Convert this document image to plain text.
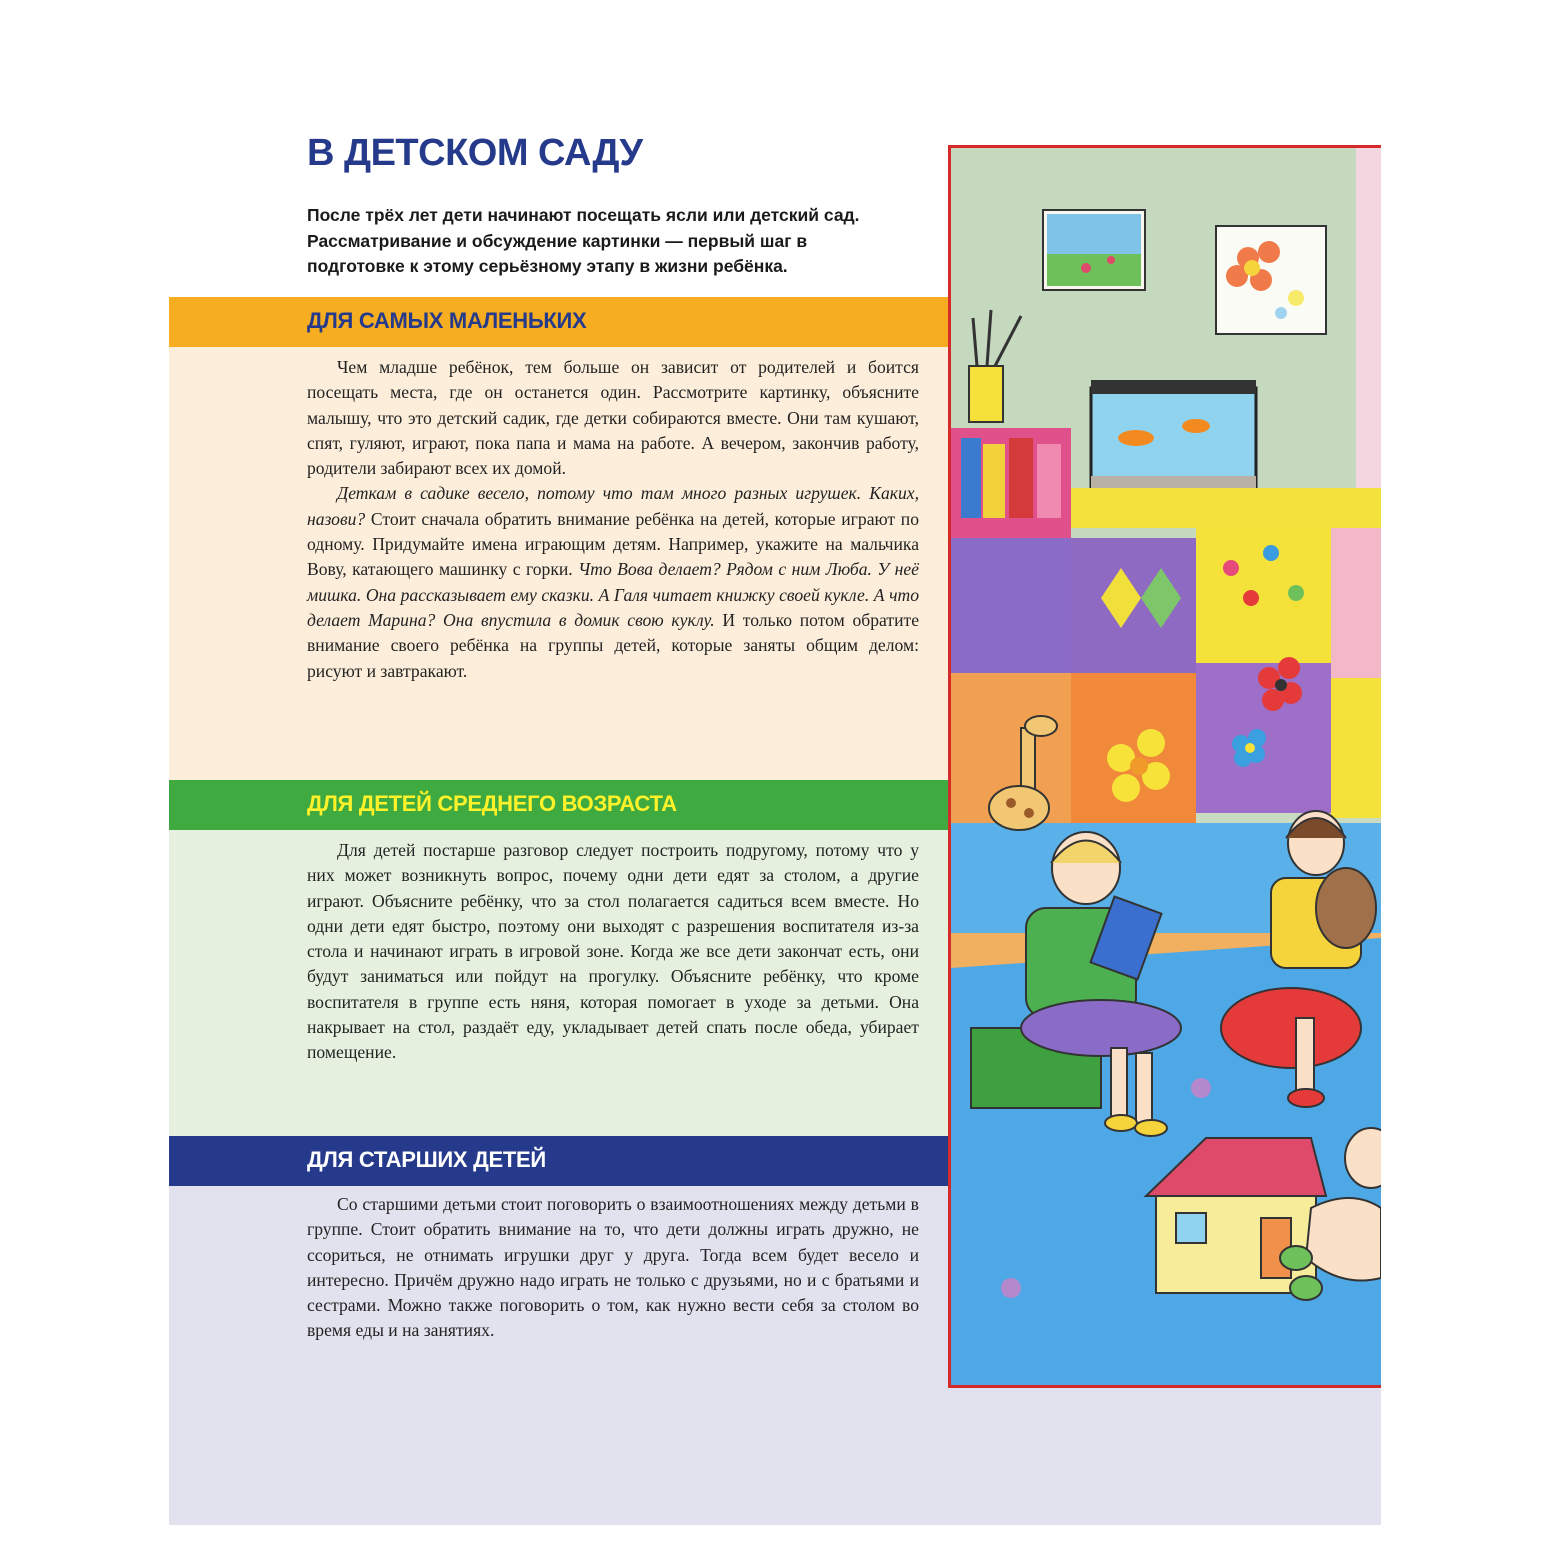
В ДЕТСКОМ САДУ

После трёх лет дети начинают посещать ясли или детский сад. Рассматривание и обсуждение картинки — первый шаг в подготовке к этому серьёзному этапу в жизни ребёнка.

ДЛЯ САМЫХ МАЛЕНЬКИХ

Чем младше ребёнок, тем больше он зависит от родителей и боится посещать места, где он останется один. Рассмотрите картинку, объясните малышу, что это детский садик, где детки собираются вместе. Они там кушают, спят, гуляют, играют, пока папа и мама на работе. А вечером, закончив работу, родители забирают всех их домой.

Деткам в садике весело, потому что там много разных игрушек. Каких, назови? Стоит сначала обратить внимание ребёнка на детей, которые играют по одному. Придумайте имена играющим детям. Например, укажите на мальчика Вову, катающего машинку с горки. Что Вова делает? Рядом с ним Люба. У неё мишка. Она рассказывает ему сказки. А Галя читает книжку своей кукле. А что делает Марина? Она впустила в домик свою куклу. И только потом обратите внимание своего ребёнка на группы детей, которые заняты общим делом: рисуют и завтракают.

ДЛЯ ДЕТЕЙ СРЕДНЕГО ВОЗРАСТА

Для детей постарше разговор следует построить подругому, потому что у них может возникнуть вопрос, почему одни дети едят за столом, а другие играют. Объясните ребёнку, что за стол полагается садиться всем вместе. Но одни дети едят быстро, поэтому они выходят с разрешения воспитателя из-за стола и начинают играть в игровой зоне. Когда же все дети закончат есть, они будут заниматься или пойдут на прогулку. Объясните ребёнку, что кроме воспитателя в группе есть няня, которая помогает в уходе за детьми. Она накрывает на стол, раздаёт еду, укладывает детей спать после обеда, убирает помещение.

ДЛЯ СТАРШИХ ДЕТЕЙ

Со старшими детьми стоит поговорить о взаимоотношениях между детьми в группе. Стоит обратить внимание на то, что дети должны играть дружно, не ссориться, не отнимать игрушки друг у друга. Тогда всем будет весело и интересно. Причём дружно надо играть не только с друзьями, но и с братьями и сестрами. Можно также поговорить о том, как нужно вести себя за столом во время еды и на занятиях.
